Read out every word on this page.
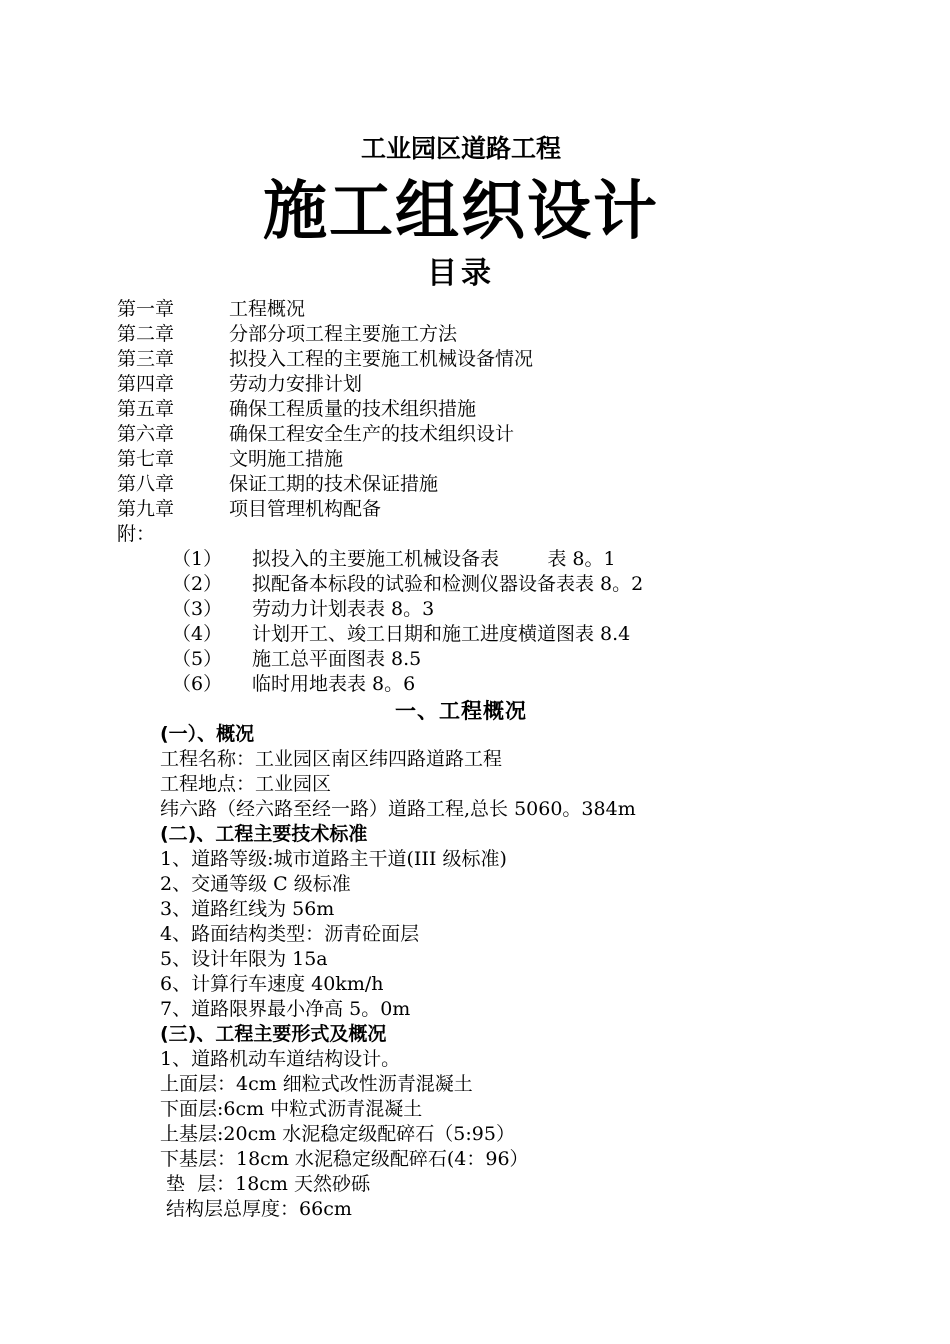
工业园区道路工程
施工组织设计
目录
第一章	工程概况
第二章	分部分项工程主要施工方法
第三章	拟投入工程的主要施工机械设备情况
第四章	劳动力安排计划
第五章	确保工程质量的技术组织措施
第六章	确保工程安全生产的技术组织设计
第七章	文明施工措施
第八章	保证工期的技术保证措施
第九章	项目管理机构配备
附：
（1） 拟投入的主要施工机械设备表        表 8。1
（2） 拟配备本标段的试验和检测仪器设备表表 8。2
（3） 劳动力计划表表 8。3
（4） 计划开工、竣工日期和施工进度横道图表 8.4
（5） 施工总平面图表 8.5
（6） 临时用地表表 8。6
一、工程概况
(一）、概况
工程名称：工业园区南区纬四路道路工程
工程地点：工业园区
纬六路（经六路至经一路）道路工程,总长 5060。384m
(二)、工程主要技术标准
1、道路等级:城市道路主干道(III 级标准)
2、交通等级 C 级标准
3、道路红线为 56m
4、路面结构类型：沥青砼面层
5、设计年限为 15a
6、计算行车速度 40km/h
7、道路限界最小净高 5。0m
(三)、工程主要形式及概况
1、道路机动车道结构设计。
上面层：4cm 细粒式改性沥青混凝土
下面层:6cm 中粒式沥青混凝土
上基层:20cm 水泥稳定级配碎石（5:95）
下基层：18cm 水泥稳定级配碎石(4：96）
垫  层：18cm 天然砂砾
结构层总厚度：66cm
